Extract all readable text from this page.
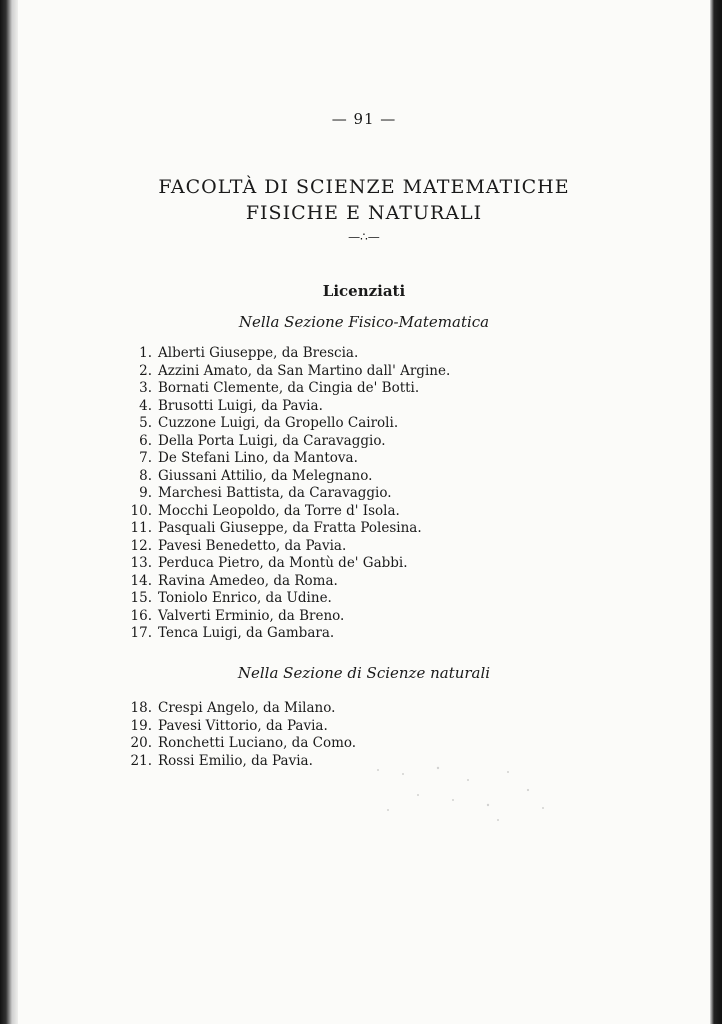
— 91 —
FACOLTÀ DI SCIENZE MATEMATICHE
FISICHE E NATURALI
—∴—
Licenziati
Nella Sezione Fisico-Matematica
1. Alberti Giuseppe, da Brescia.
2. Azzini Amato, da San Martino dall' Argine.
3. Bornati Clemente, da Cingia de' Botti.
4. Brusotti Luigi, da Pavia.
5. Cuzzone Luigi, da Gropello Cairoli.
6. Della Porta Luigi, da Caravaggio.
7. De Stefani Lino, da Mantova.
8. Giussani Attilio, da Melegnano.
9. Marchesi Battista, da Caravaggio.
10. Mocchi Leopoldo, da Torre d' Isola.
11. Pasquali Giuseppe, da Fratta Polesina.
12. Pavesi Benedetto, da Pavia.
13. Perduca Pietro, da Montù de' Gabbi.
14. Ravina Amedeo, da Roma.
15. Toniolo Enrico, da Udine.
16. Valverti Erminio, da Breno.
17. Tenca Luigi, da Gambara.
Nella Sezione di Scienze naturali
18. Crespi Angelo, da Milano.
19. Pavesi Vittorio, da Pavia.
20. Ronchetti Luciano, da Como.
21. Rossi Emilio, da Pavia.
